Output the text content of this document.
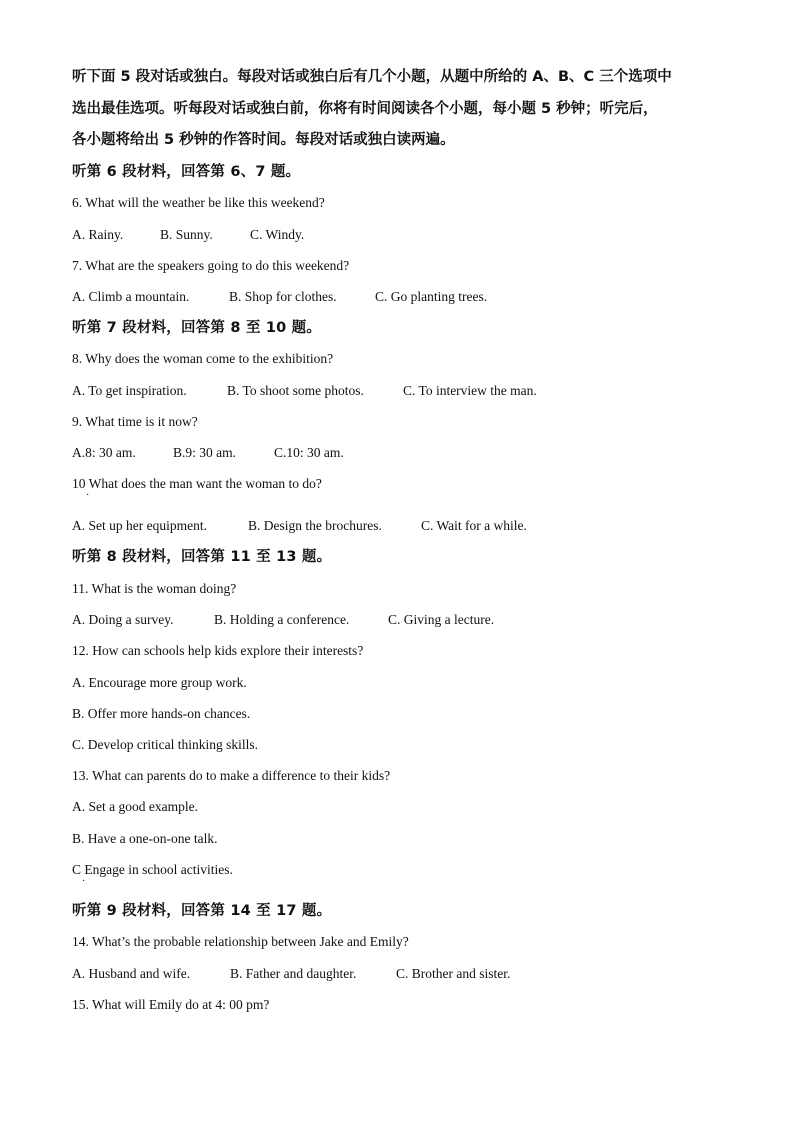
听下面 5 段对话或独白。每段对话或独白后有几个小题，从题中所给的 A、B、C 三个选项中
选出最佳选项。听每段对话或独白前，你将有时间阅读各个小题，每小题 5 秒钟；听完后，
各小题将给出 5 秒钟的作答时间。每段对话或独白读两遍。
听第 6 段材料，回答第 6、7 题。
6. What will the weather be like this weekend?
A. Rainy.	B. Sunny.	C. Windy.
7. What are the speakers going to do this weekend?
A. Climb a mountain.	B. Shop for clothes.	C. Go planting trees.
听第 7 段材料，回答第 8 至 10 题。
8. Why does the woman come to the exhibition?
A. To get inspiration.	B. To shoot some photos.	C. To interview the man.
9. What time is it now?
A.8: 30 am.	B.9: 30 am.	C.10: 30 am.
10 What does the man want the woman to do?
·
A. Set up her equipment.	B. Design the brochures.	C. Wait for a while.
听第 8 段材料，回答第 11 至 13 题。
11. What is the woman doing?
A. Doing a survey.	B. Holding a conference.	C. Giving a lecture.
12. How can schools help kids explore their interests?
A. Encourage more group work.
B. Offer more hands-on chances.
C. Develop critical thinking skills.
13. What can parents do to make a difference to their kids?
A. Set a good example.
B. Have a one-on-one talk.
C Engage in school activities.
·
听第 9 段材料，回答第 14 至 17 题。
14. What’s the probable relationship between Jake and Emily?
A. Husband and wife.	B. Father and daughter.	C. Brother and sister.
15. What will Emily do at 4: 00 pm?
